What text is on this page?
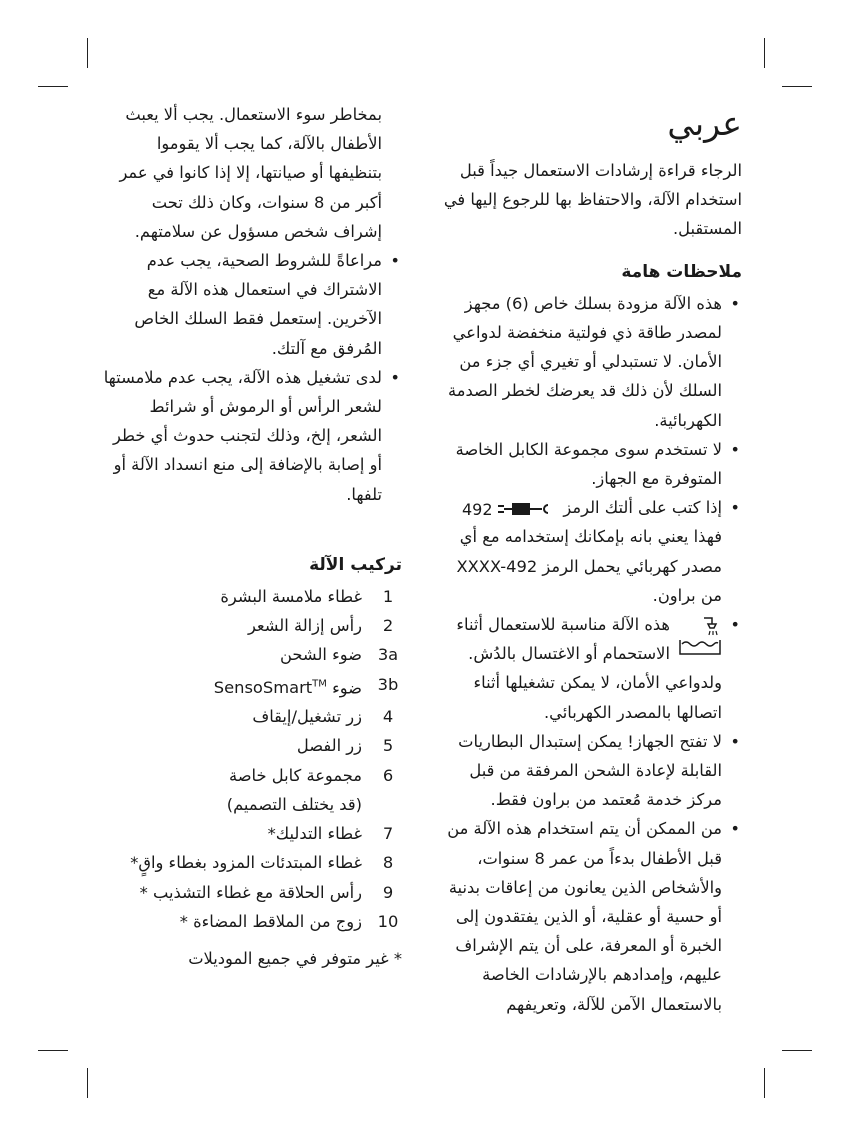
عربي

الرجاء قراءة إرشادات الاستعمال جيداً قبل استخدام الآلة، والاحتفاظ بها للرجوع إليها في المستقبل.

ملاحظات هامة
• هذه الآلة مزودة بسلك خاص (6) مجهز لمصدر طاقة ذي فولتية منخفضة لدواعي الأمان. لا تستبدلي أو تغيري أي جزء من السلك لأن ذلك قد يعرضك لخطر الصدمة الكهربائية.
• لا تستخدم سوى مجموعة الكابل الخاصة المتوفرة مع الجهاز.
• إذا كتب على ألتك الرمز
492
فهذا يعني بانه بإمكانك إستخدامه مع أي مصدر كهربائي يحمل الرمز XXXX-492 من براون.
• هذه الآلة مناسبة للاستعمال أثناء الاستحمام أو الاغتسال بالدُش. ولدواعي الأمان، لا يمكن تشغيلها أثناء اتصالها بالمصدر الكهربائي.
• لا تفتح الجهاز! يمكن إستبدال البطاريات القابلة لإعادة الشحن المرفقة من قبل مركز خدمة مُعتمد من براون فقط.
• من الممكن أن يتم استخدام هذه الآلة من قبل الأطفال بدءاً من عمر 8 سنوات، والأشخاص الذين يعانون من إعاقات بدنية أو حسية أو عقلية، أو الذين يفتقدون إلى الخبرة أو المعرفة، على أن يتم الإشراف عليهم، وإمدادهم بالإرشادات الخاصة بالاستعمال الآمن للآلة، وتعريفهم

بمخاطر سوء الاستعمال. يجب ألا يعبث الأطفال بالآلة، كما يجب ألا يقوموا بتنظيفها أو صيانتها، إلا إذا كانوا في عمر أكبر من 8 سنوات، وكان ذلك تحت إشراف شخص مسؤول عن سلامتهم.

• مراعاةً للشروط الصحية، يجب عدم الاشتراك في استعمال هذه الآلة مع الآخرين. إستعمل فقط السلك الخاص المُرفق مع آلتك.
• لدى تشغيل هذه الآلة، يجب عدم ملامستها لشعر الرأس أو الرموش أو شرائط الشعر، إلخ، وذلك لتجنب حدوث أي خطر أو إصابة بالإضافة إلى منع انسداد الآلة أو تلفها.
تركيب الآلة
1
غطاء ملامسة البشرة
2
رأس إزالة الشعر
3a
ضوء الشحن
3b
ضوء SensoSmart™
4
زر تشغيل/إيقاف
5
زر الفصل
6
مجموعة كابل خاصة
(قد يختلف التصميم)
7
غطاء التدليك*
8
غطاء المبتدئات المزود بغطاء واقٍ*
9
رأس الحلاقة مع غطاء التشذيب *
10
زوج من الملاقط المضاءة *

* غير متوفر في جميع الموديلات
